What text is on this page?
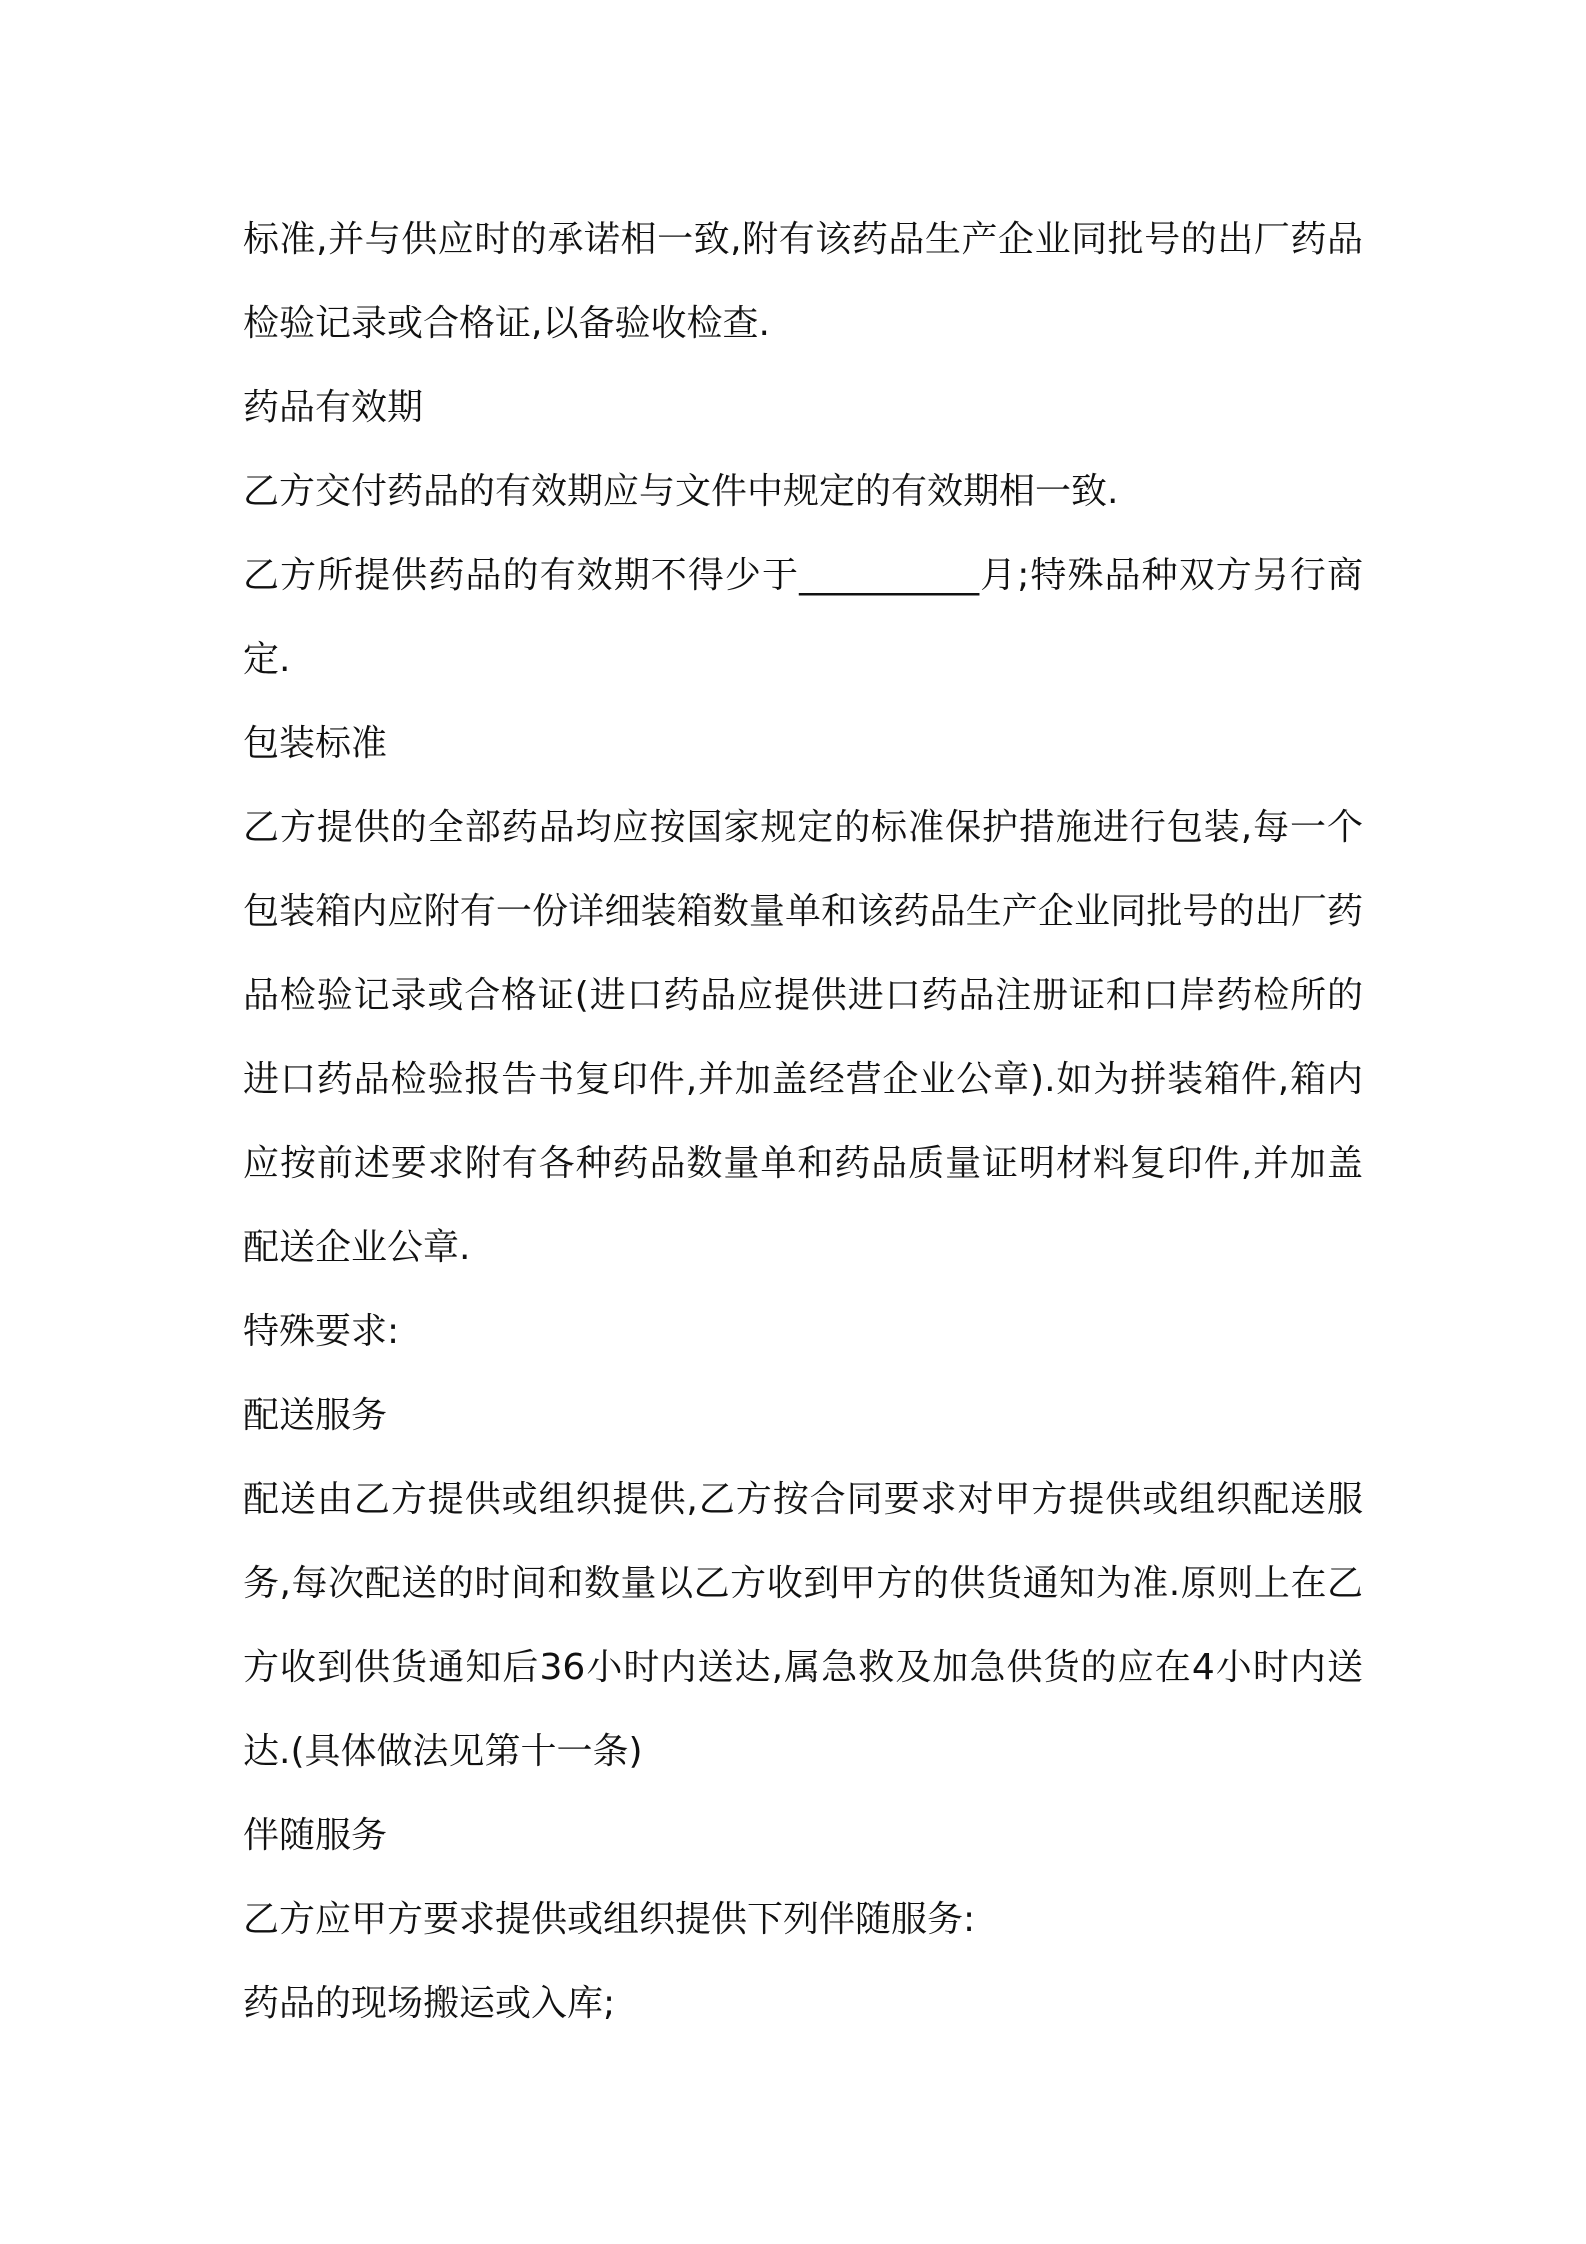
标准,并与供应时的承诺相一致,附有该药品生产企业同批号的出厂药品检验记录或合格证,以备验收检查.

药品有效期

乙方交付药品的有效期应与文件中规定的有效期相一致.

乙方所提供药品的有效期不得少于__________月;特殊品种双方另行商定.

包装标准

乙方提供的全部药品均应按国家规定的标准保护措施进行包装,每一个包装箱内应附有一份详细装箱数量单和该药品生产企业同批号的出厂药品检验记录或合格证(进口药品应提供进口药品注册证和口岸药检所的进口药品检验报告书复印件,并加盖经营企业公章).如为拼装箱件,箱内应按前述要求附有各种药品数量单和药品质量证明材料复印件,并加盖配送企业公章.

特殊要求:

配送服务

配送由乙方提供或组织提供,乙方按合同要求对甲方提供或组织配送服务,每次配送的时间和数量以乙方收到甲方的供货通知为准.原则上在乙方收到供货通知后36小时内送达,属急救及加急供货的应在4小时内送达.(具体做法见第十一条)

伴随服务

乙方应甲方要求提供或组织提供下列伴随服务:

药品的现场搬运或入库;
